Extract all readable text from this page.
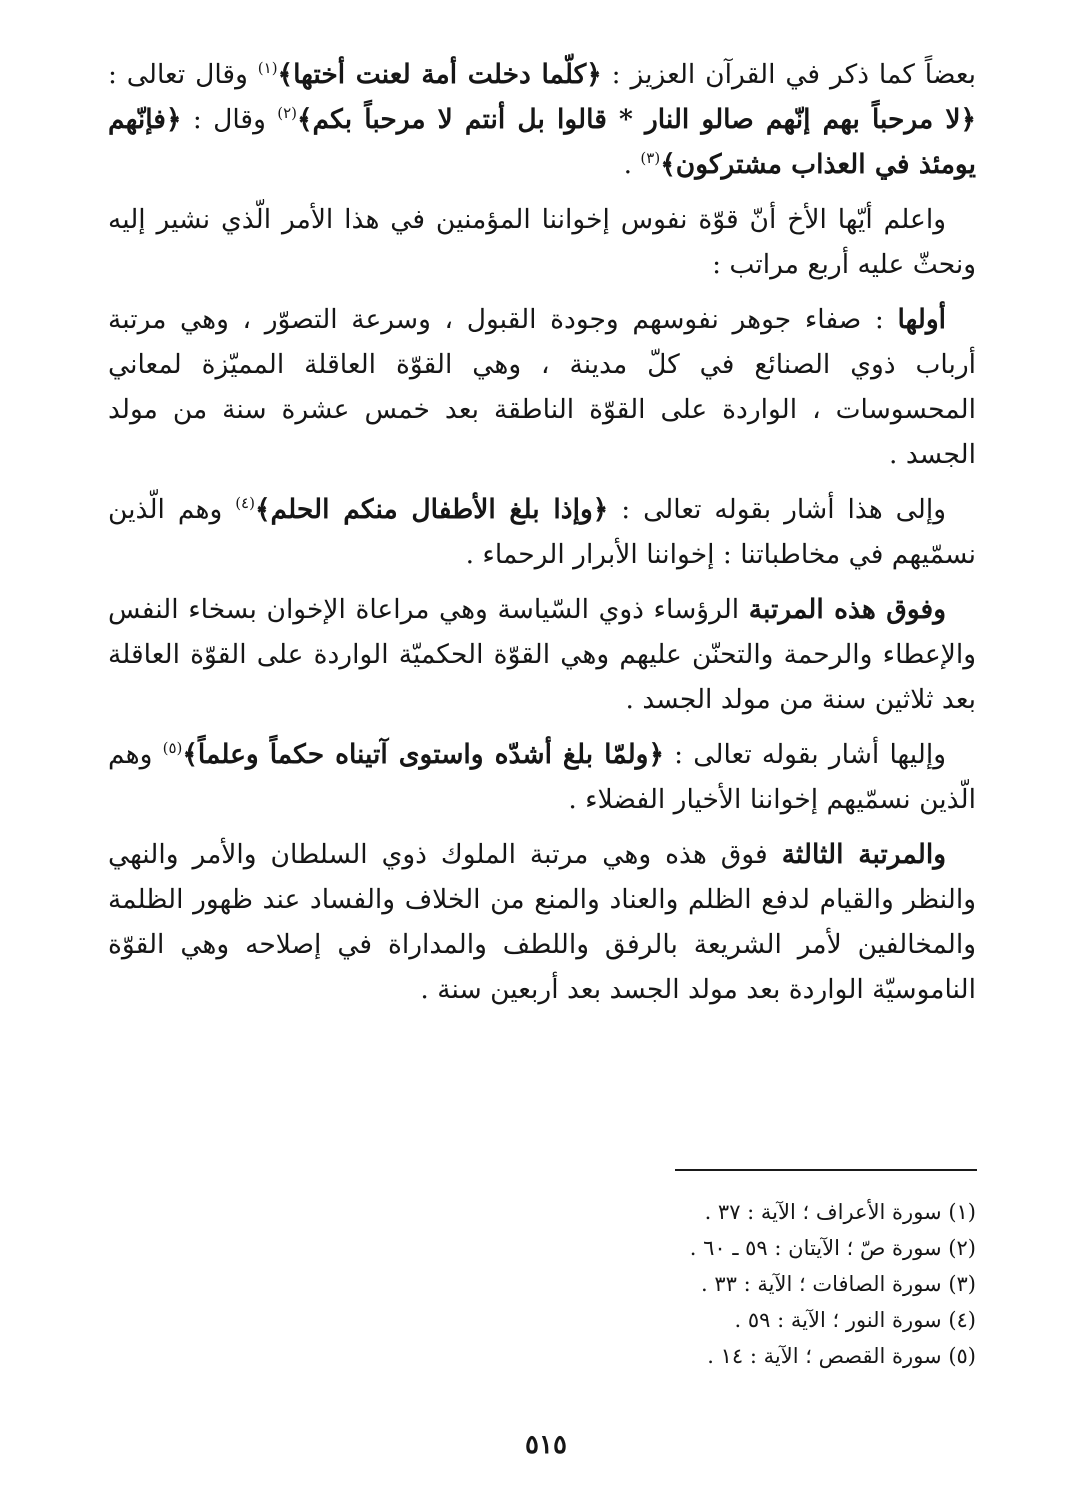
بعضاً كما ذكر في القرآن العزيز : ﴿كلّما دخلت أمة لعنت أختها﴾$^{(١)}$ وقال تعالى : ﴿لا مرحباً بهم إنّهم صالو النار * قالوا بل أنتم لا مرحباً بكم﴾$^{(٢)}$ وقال : ﴿فإنّهم يومئذ في العذاب مشتركون﴾$^{(٣)}$ .

واعلم أيّها الأخ أنّ قوّة نفوس إخواننا المؤمنين في هذا الأمر الّذي نشير إليه ونحثّ عليه أربع مراتب :

أولها : صفاء جوهر نفوسهم وجودة القبول ، وسرعة التصوّر ، وهي مرتبة أرباب ذوي الصنائع في كلّ مدينة ، وهي القوّة العاقلة المميّزة لمعاني المحسوسات ، الواردة على القوّة الناطقة بعد خمس عشرة سنة من مولد الجسد .

وإلى هذا أشار بقوله تعالى : ﴿وإذا بلغ الأطفال منكم الحلم﴾$^{(٤)}$ وهم الّذين نسمّيهم في مخاطباتنا : إخواننا الأبرار الرحماء .

وفوق هذه المرتبة الرؤساء ذوي السّياسة وهي مراعاة الإخوان بسخاء النفس والإعطاء والرحمة والتحنّن عليهم وهي القوّة الحكميّة الواردة على القوّة العاقلة بعد ثلاثين سنة من مولد الجسد .

وإليها أشار بقوله تعالى : ﴿ولمّا بلغ أشدّه واستوى آتيناه حكماً وعلماً﴾$^{(٥)}$ وهم الّذين نسمّيهم إخواننا الأخيار الفضلاء .

والمرتبة الثالثة فوق هذه وهي مرتبة الملوك ذوي السلطان والأمر والنهي والنظر والقيام لدفع الظلم والعناد والمنع من الخلاف والفساد عند ظهور الظلمة والمخالفين لأمر الشريعة بالرفق واللطف والمداراة في إصلاحه وهي القوّة الناموسيّة الواردة بعد مولد الجسد بعد أربعين سنة .

(١) سورة الأعراف ؛ الآية : ٣٧ .

(٢) سورة صّ ؛ الآيتان : ٥٩ ـ ٦٠ .

(٣) سورة الصافات ؛ الآية : ٣٣ .

(٤) سورة النور ؛ الآية : ٥٩ .

(٥) سورة القصص ؛ الآية : ١٤ .

٥١٥
